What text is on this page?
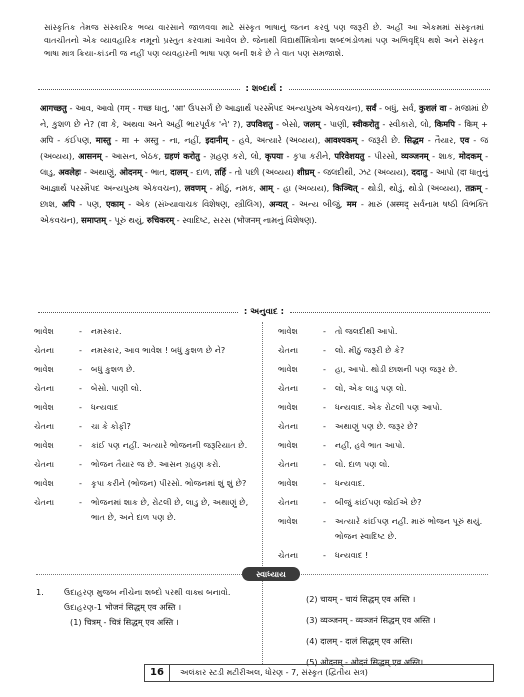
સાંસ્કૃતિક તેમજ સંસ્કારિક ભવ્ય વારસાને જાળવવા માટે સંસ્કૃત ભાષાનું જતન કરવું પણ જરૂરી છે. અહીં આ એકમમાં સંસ્કૃતમાં વાતચીતનો એક વ્યાવહારિક નમૂનો પ્રસ્તુત કરવામાં આવેલ છે. જેનાથી વિદ્યાર્થીમિત્રોના શબ્દભંડોળમાં પણ અભિવૃદ્ધિ થશે અને સંસ્કૃત ભાષા માત્ર ક્રિયા-કાંડની જ નહીં પણ વ્યવહારની ભાષા પણ બની શકે છે તે વાત પણ સમજાશે.

: શબ્દાર્થ :
आगच्छतु - આવ, આવો (गम् - गच्छ ધાતુ, 'आ' ઉપસર્ગ છે આજ્ઞાર્થ પરસ્મૈપદ અન્યપુરુષ એકવચન), सर्वं - બધું, સર્વ, कुशलं वा - મજામાં છે ને, કુશળ છે ને? (वा કે, અથવા અને અહીં ભારપૂર્વક 'ને' ?), उपविशतु - બેસો, जलम् - પાણી, स्वीकरोतु - સ્વીકારો, લો, किमपि - किम् + अपि - કંઈપણ, मास्तु - मा + अस्तु - ના, નહીં, इदानीम् - હવે, અત્યારે (અવ્યય), आवश्यकम् - જરૂરી છે. सिद्धम - તૈયાર, एव - જ (અવ્યય), आसनम् - આસન, બેઠક, ग्रहणं करोतु - ગ્રહણ કરો, લો, कृपया - કૃપા કરીને, परिवेशयतु - પીરસો, व्यञ्जनम् - શાક, मोदकम् - લાડુ, अवलेहः - અથાણું, ओदनम् - ભાત, दालम् - દાળ, तर्हि - તો પછી (અવ્યય) शीघ्रम् - જલદીથી, ઝટ (અવ્યય), ददातु - આપો (दा ધાતુનું આજ્ઞાર્થ પરસ્મૈપદ અન્યપુરુષ એકવચન), लवणम् - મીઠું, નમક, आम् - હા (અવ્યય), किञ्चित् - થોડી, થોડું, થોડો (અવ્યય), तक्रम् - છાશ, अपि - પણ, एकाम् - એક (સંખ્યાવાચક વિશેષણ, સ્ત્રીલિંગ), अन्यत् - અન્ય બીજું, मम - મારું (अस्मद् સર્વનામ ષષ્ઠી વિભક્તિ એકવચન), समाप्तम् - પૂરું થયું, रुचिकरम् - સ્વાદિષ્ટ, સરસ (भोजनम् નામનું વિશેષણ).
: અનુવાદ :
ભાવેશ	-	નમસ્કાર.
ચેતના	-	નમસ્કાર, આવ ભાવેશ ! બધું કુશળ છે ને?
ભાવેશ	-	બધું કુશળ છે.
ચેતના	-	બેસો. પાણી લો.
ભાવેશ	-	ધન્યવાદ
ચેતના	-	ચા કે કોફી?
ભાવેશ	-	કાંઈ પણ નહીં. અત્યારે ભોજનની જરૂરિયાત છે.
ચેતના	-	ભોજન તૈયાર જ છે. આસન ગ્રહણ કરો.
ભાવેશ	-	કૃપા કરીને (ભોજન) પીરસો. ભોજનમાં શું શું છે?
ચેતના	-	ભોજનમાં શાક છે, રોટલી છે, લાડુ છે, અથાણું છે, ભાત છે, અને દાળ પણ છે.
ભાવેશ	-	તો જલદીથી આપો.
ચેતના	-	લો. મીઠું જરૂરી છે કે?
ભાવેશ	-	હા, આપો. થોડી છાશની પણ જરૂર છે.
ચેતના	-	લો, એક લાડુ પણ લો.
ભાવેશ	-	ધન્યવાદ. એક રોટલી પણ આપો.
ચેતના	-	અથાણું પણ છે. જરૂર છે?
ભાવેશ	-	નહીં, હવે ભાત આપો.
ચેતના	-	લો. દાળ પણ લો.
ભાવેશ	-	ધન્યવાદ.
ચેતના	-	બીજું કાંઈપણ જોઈએ છે?
ભાવેશ	-	અત્યારે કાંઈપણ નહીં. મારું ભોજન પૂરું થયું. ભોજન સ્વાદિષ્ટ છે.
ચેતના	-	ધન્યવાદ !
સ્વાધ્યાય
1. ઉદાહરણ મુજબ નીચેના શબ્દો પરથી વાક્ય બનાવો.
ઉદાહરણ-1 भोजनं सिद्धम् एव अस्ति ।
(1) चित्रम् - चित्रं सिद्धम् एव अस्ति ।
(2) चायम् - चायं सिद्धम् एव अस्ति ।
(3) व्यञ्जनम् - व्यञ्जनं सिद्धम् एव अस्ति ।
(4) दालम् - दालं सिद्धम् एव अस्ति।
(5) ओदनम् - ओदनं सिद्धम् एव अस्ति।
16	અલંકાર સ્ટડી મટીરીઅલ, ધોરણ - 7, સંસ્કૃત (દ્વિતીય સત્ર)
